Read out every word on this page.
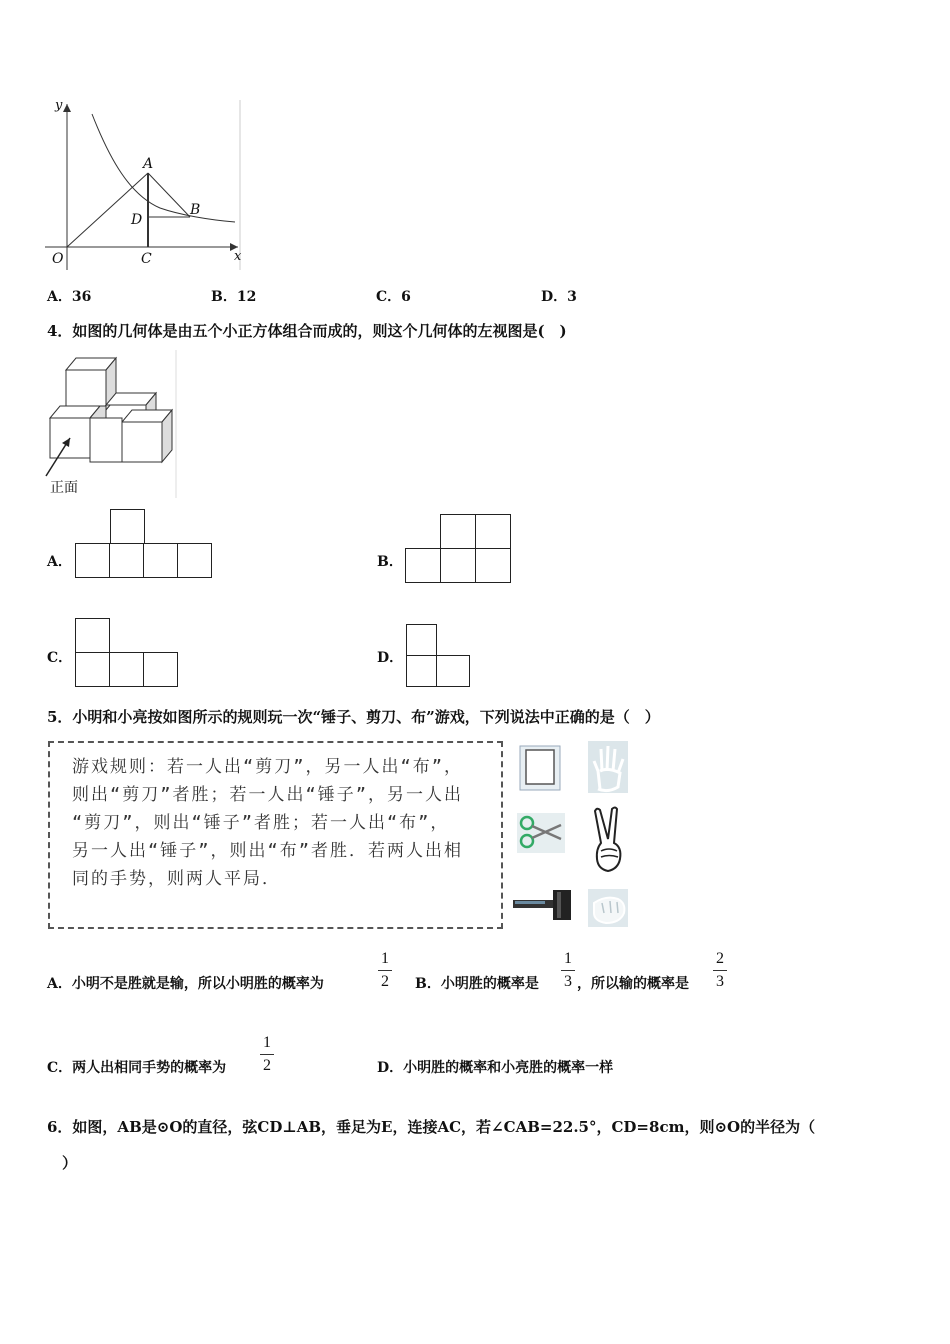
y
x
O
A
B
C
D
A．36	B．12	C．6	D．3
4．如图的几何体是由五个小正方体组合而成的，则这个几何体的左视图是(　)
正面
A．	B．
C．	D．
5．小明和小亮按如图所示的规则玩一次“锤子、剪刀、布”游戏，下列说法中正确的是（　）
游戏规则：若一人出“剪刀”，另一人出“布”，
则出“剪刀”者胜；若一人出“锤子”，另一人出
“剪刀”，则出“锤子”者胜；若一人出“布”，
另一人出“锤子”，则出“布”者胜．若两人出相
同的手势，则两人平局．
A．小明不是胜就是输，所以小明胜的概率为
1
2 B．小明胜的概率是
1
3 ，所以输的概率是
2
3
C．两人出相同手势的概率为
1
2	D．小明胜的概率和小亮胜的概率一样
6．如图，AB是⊙O的直径，弦CD⊥AB，垂足为E，连接AC，若∠CAB=22.5°，CD=8cm，则⊙O的半径为（
）
